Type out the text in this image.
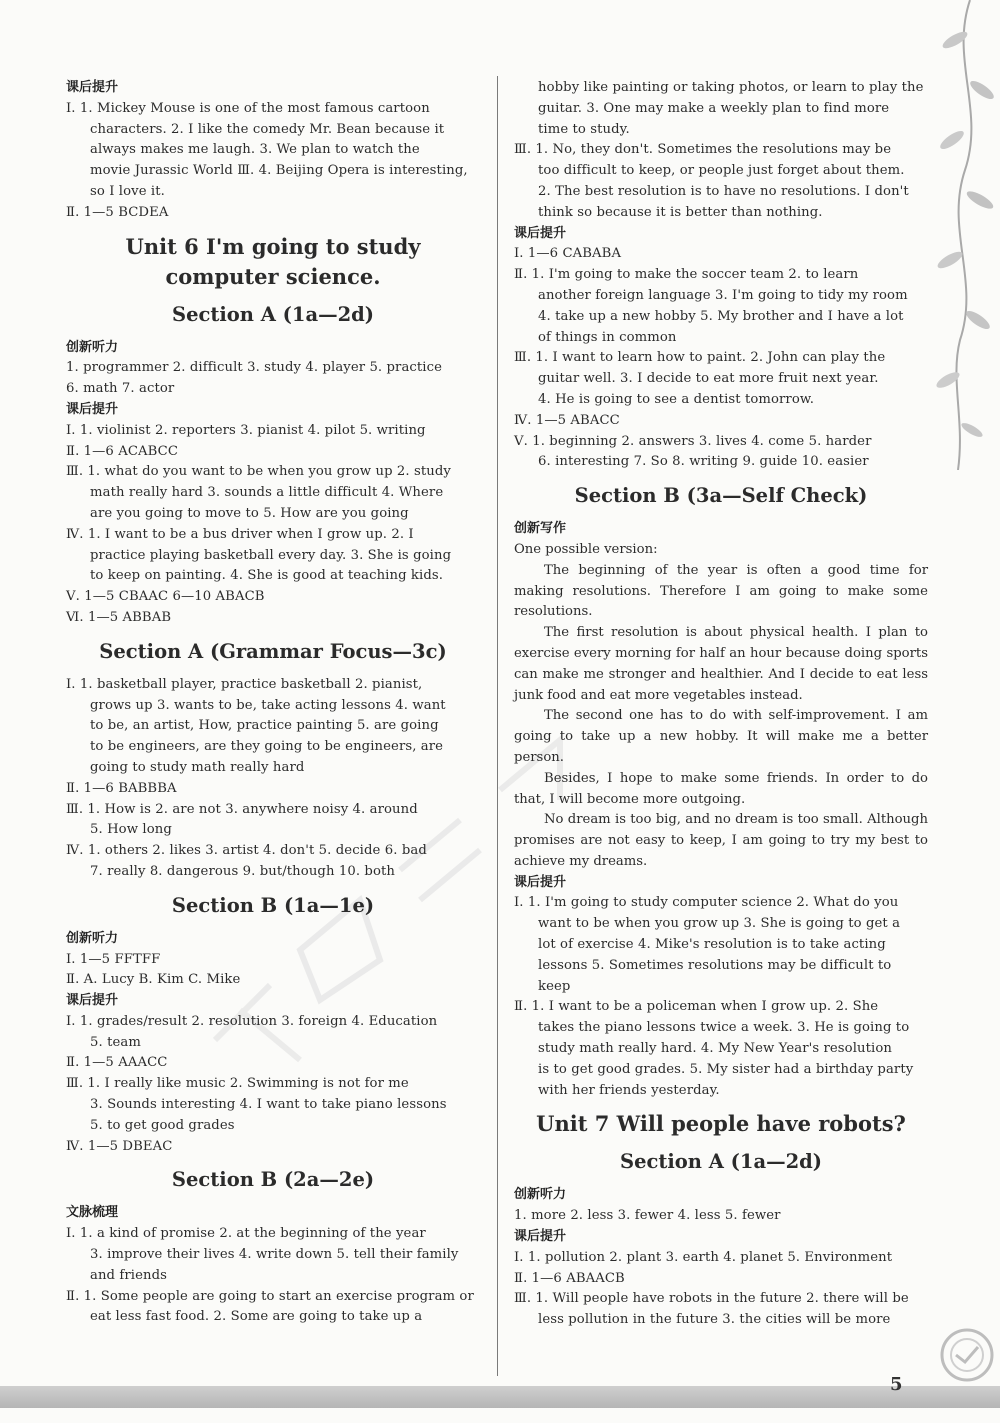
课后提升
Ⅰ. 1. Mickey Mouse is one of the most famous cartoon
characters. 2. I like the comedy Mr. Bean because it
always makes me laugh. 3. We plan to watch the
movie Jurassic World Ⅲ. 4. Beijing Opera is interesting,
so I love it.
Ⅱ. 1—5 BCDEA
Unit 6 I'm going to study
computer science.
Section A (1a—2d)
创新听力
1. programmer 2. difficult 3. study 4. player 5. practice
6. math 7. actor
课后提升
Ⅰ. 1. violinist 2. reporters 3. pianist 4. pilot 5. writing
Ⅱ. 1—6 ACABCC
Ⅲ. 1. what do you want to be when you grow up 2. study
math really hard 3. sounds a little difficult 4. Where
are you going to move to 5. How are you going
Ⅳ. 1. I want to be a bus driver when I grow up. 2. I
practice playing basketball every day. 3. She is going
to keep on painting. 4. She is good at teaching kids.
Ⅴ. 1—5 CBAAC 6—10 ABACB
Ⅵ. 1—5 ABBAB
Section A (Grammar Focus—3c)
Ⅰ. 1. basketball player, practice basketball 2. pianist,
grows up 3. wants to be, take acting lessons 4. want
to be, an artist, How, practice painting 5. are going
to be engineers, are they going to be engineers, are
going to study math really hard
Ⅱ. 1—6 BABBBA
Ⅲ. 1. How is 2. are not 3. anywhere noisy 4. around
5. How long
Ⅳ. 1. others 2. likes 3. artist 4. don't 5. decide 6. bad
7. really 8. dangerous 9. but/though 10. both
Section B (1a—1e)
创新听力
Ⅰ. 1—5 FFTFF
Ⅱ. A. Lucy B. Kim C. Mike
课后提升
Ⅰ. 1. grades/result 2. resolution 3. foreign 4. Education
5. team
Ⅱ. 1—5 AAACC
Ⅲ. 1. I really like music 2. Swimming is not for me
3. Sounds interesting 4. I want to take piano lessons
5. to get good grades
Ⅳ. 1—5 DBEAC
Section B (2a—2e)
文脉梳理
Ⅰ. 1. a kind of promise 2. at the beginning of the year
3. improve their lives 4. write down 5. tell their family
and friends
Ⅱ. 1. Some people are going to start an exercise program or
eat less fast food. 2. Some are going to take up a
hobby like painting or taking photos, or learn to play the
guitar. 3. One may make a weekly plan to find more
time to study.
Ⅲ. 1. No, they don't. Sometimes the resolutions may be
too difficult to keep, or people just forget about them.
2. The best resolution is to have no resolutions. I don't
think so because it is better than nothing.
课后提升
Ⅰ. 1—6 CABABA
Ⅱ. 1. I'm going to make the soccer team 2. to learn
another foreign language 3. I'm going to tidy my room
4. take up a new hobby 5. My brother and I have a lot
of things in common
Ⅲ. 1. I want to learn how to paint. 2. John can play the
guitar well. 3. I decide to eat more fruit next year.
4. He is going to see a dentist tomorrow.
Ⅳ. 1—5 ABACC
Ⅴ. 1. beginning 2. answers 3. lives 4. come 5. harder
6. interesting 7. So 8. writing 9. guide 10. easier
Section B (3a—Self Check)
创新写作
One possible version:
The beginning of the year is often a good time for making resolutions. Therefore I am going to make some resolutions.
The first resolution is about physical health. I plan to exercise every morning for half an hour because doing sports can make me stronger and healthier. And I decide to eat less junk food and eat more vegetables instead.
The second one has to do with self-improvement. I am going to take up a new hobby. It will make me a better person.
Besides, I hope to make some friends. In order to do that, I will become more outgoing.
No dream is too big, and no dream is too small. Although promises are not easy to keep, I am going to try my best to achieve my dreams.
课后提升
Ⅰ. 1. I'm going to study computer science 2. What do you
want to be when you grow up 3. She is going to get a
lot of exercise 4. Mike's resolution is to take acting
lessons 5. Sometimes resolutions may be difficult to
keep
Ⅱ. 1. I want to be a policeman when I grow up. 2. She
takes the piano lessons twice a week. 3. He is going to
study math really hard. 4. My New Year's resolution
is to get good grades. 5. My sister had a birthday party
with her friends yesterday.
Unit 7 Will people have robots?
Section A (1a—2d)
创新听力
1. more 2. less 3. fewer 4. less 5. fewer
课后提升
Ⅰ. 1. pollution 2. plant 3. earth 4. planet 5. Environment
Ⅱ. 1—6 ABAACB
Ⅲ. 1. Will people have robots in the future 2. there will be
less pollution in the future 3. the cities will be more
5
